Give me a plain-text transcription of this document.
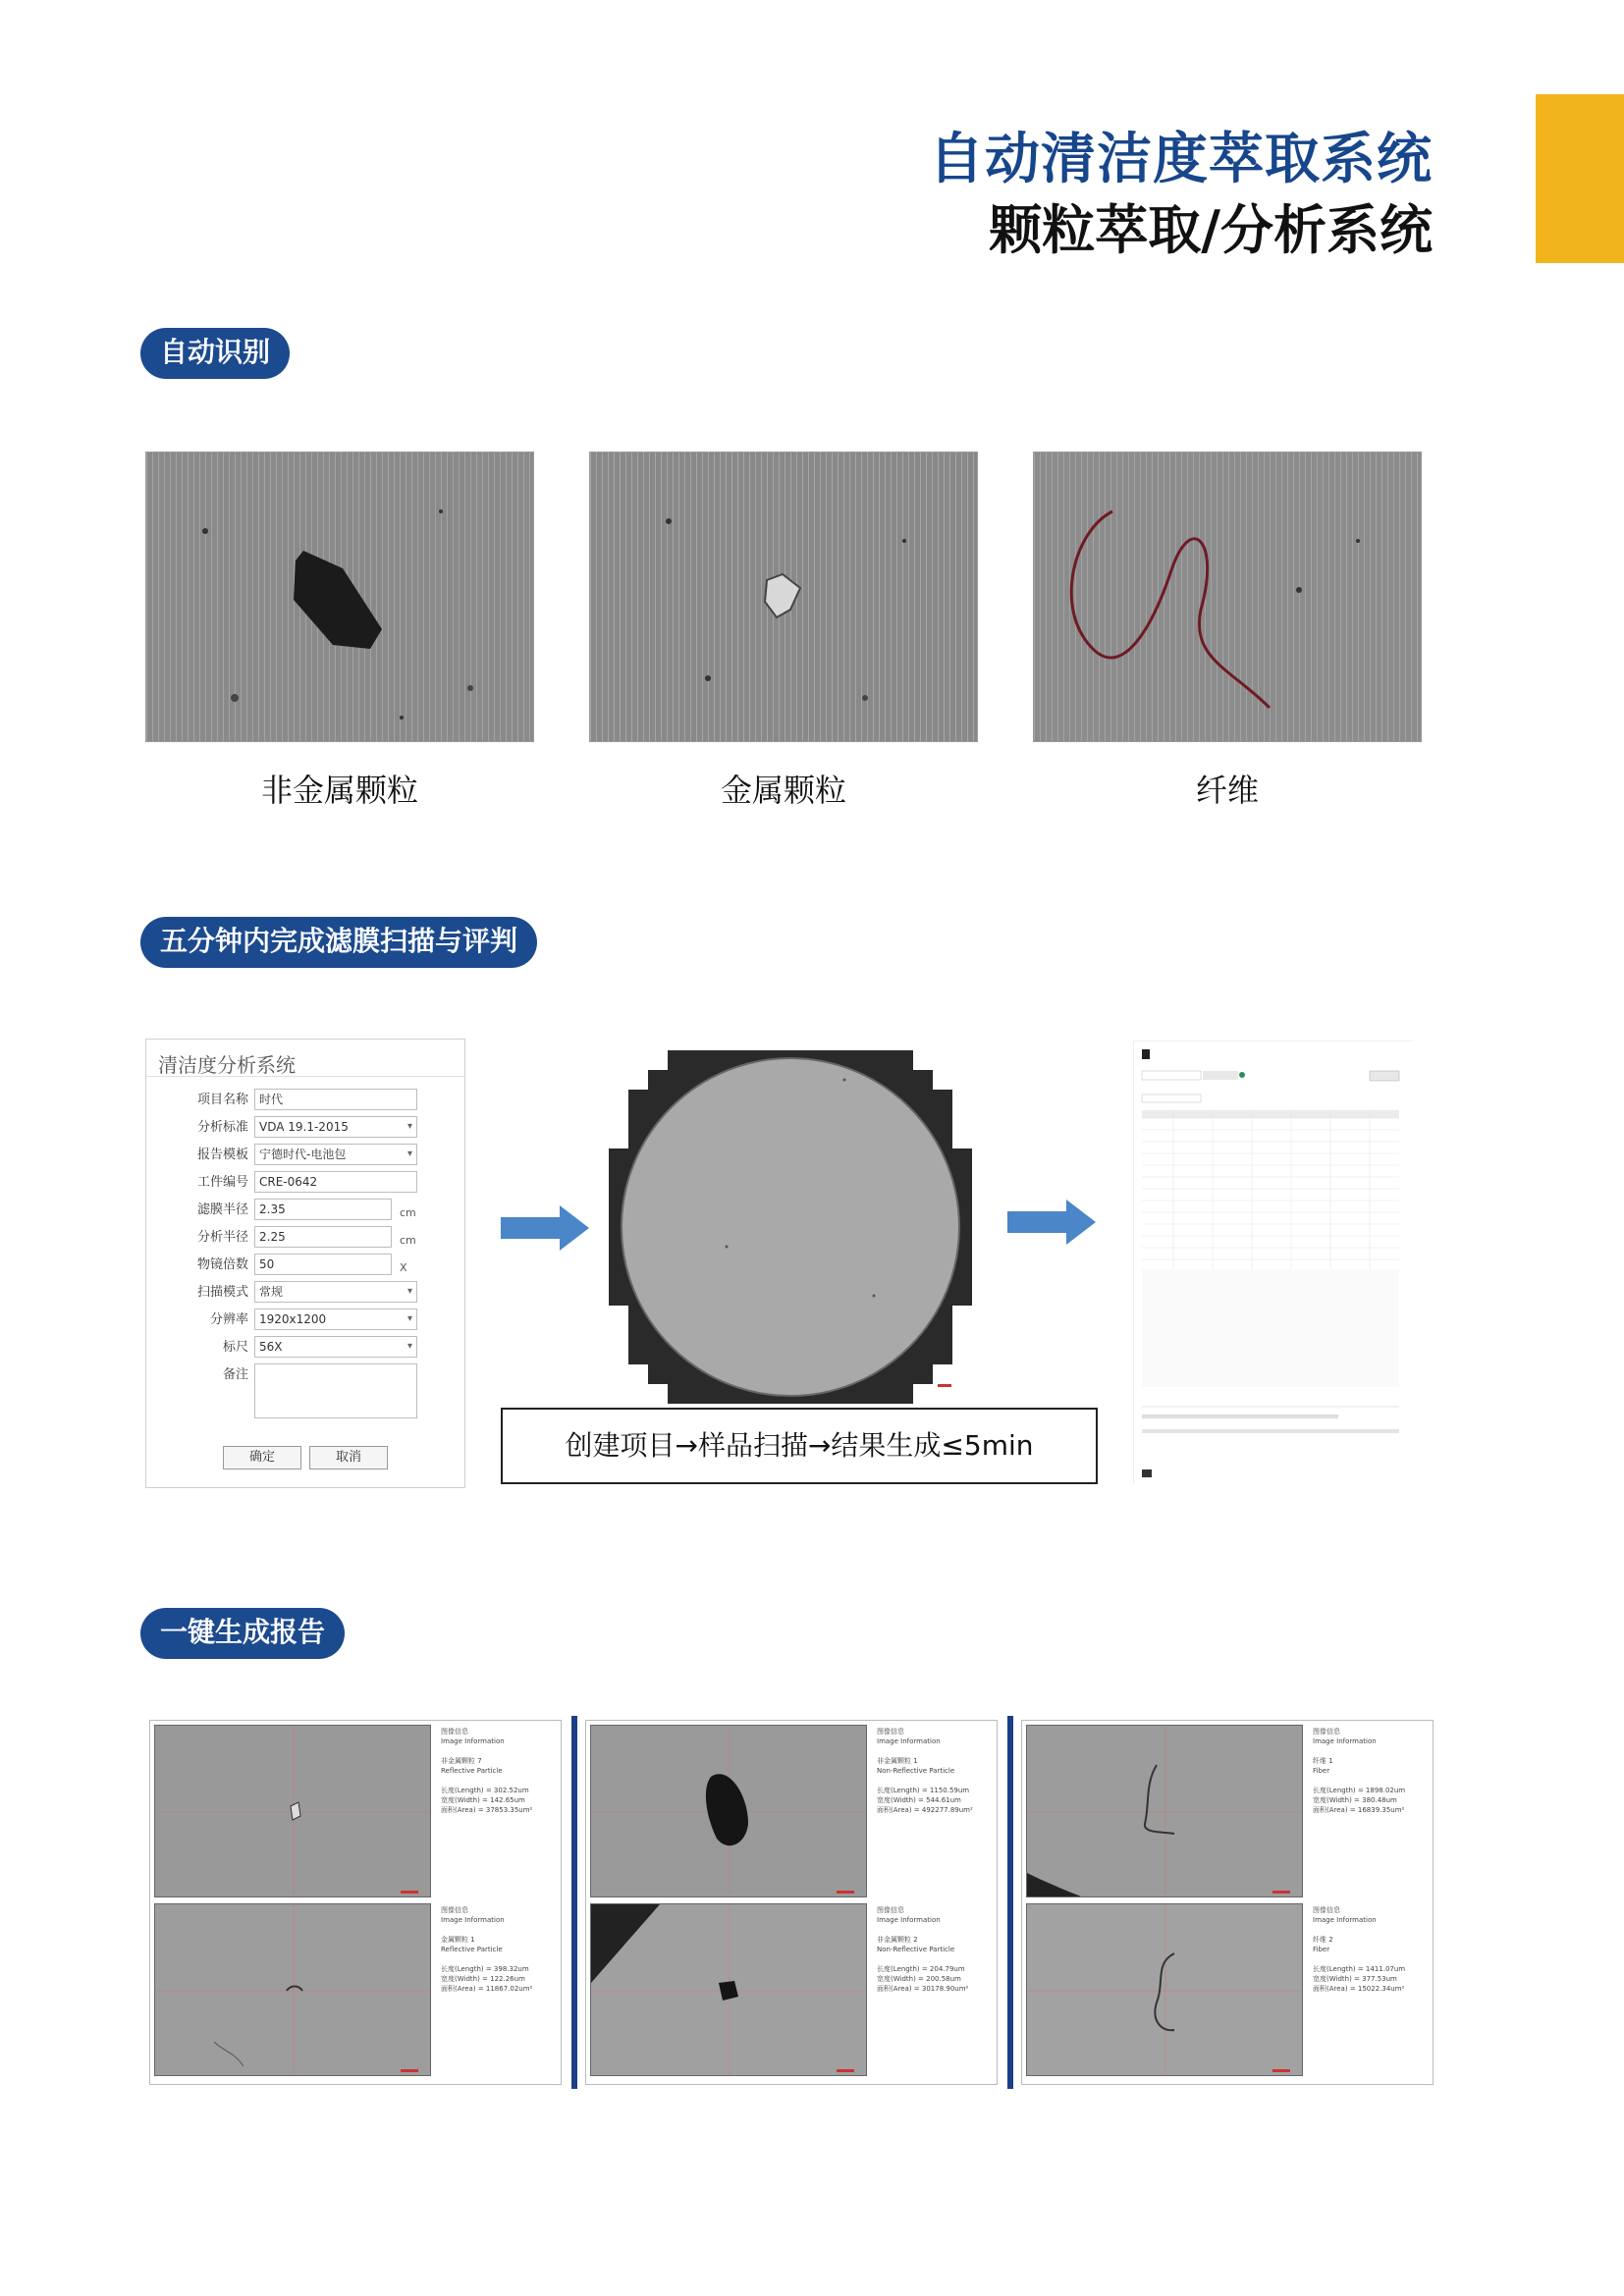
自动清洁度萃取系统
颗粒萃取/分析系统
自动识别
非金属颗粒	金属颗粒	纤维
五分钟内完成滤膜扫描与评判
清洁度分析系统
项目名称 时代
分析标准 VDA 19.1-2015 ▾
报告模板 宁德时代-电池包 ▾
工件编号 CRE-0642
滤膜半径 2.35	cm
分析半径 2.25	cm
物镜倍数 50	X
扫描模式 常规 ▾
分辨率 1920x1200 ▾
标尺 56X ▾
备注
确定	取消	创建项目→样品扫描→结果生成≤5min
一键生成报告
图像信息
Image Information

非金属颗粒 7
Reflective Particle

长度(Length) = 302.52um
宽度(Width) = 142.65um
面积(Area) = 37853.35um²
图像信息
Image Information

金属颗粒 1
Reflective Particle

长度(Length) = 398.32um
宽度(Width) = 122.26um
面积(Area) = 11867.02um²
图像信息
Image Information

非金属颗粒 1
Non-Reflective Particle

长度(Length) = 1150.59um
宽度(Width) = 544.61um
面积(Area) = 492277.89um²
图像信息
Image Information

非金属颗粒 2
Non-Reflective Particle

长度(Length) = 204.79um
宽度(Width) = 200.58um
面积(Area) = 30178.90um²
图像信息
Image Information

纤维 1
Fiber

长度(Length) = 1898.02um
宽度(Width) = 380.48um
面积(Area) = 16839.35um²
图像信息
Image Information

纤维 2
Fiber

长度(Length) = 1411.07um
宽度(Width) = 377.53um
面积(Area) = 15022.34um²
